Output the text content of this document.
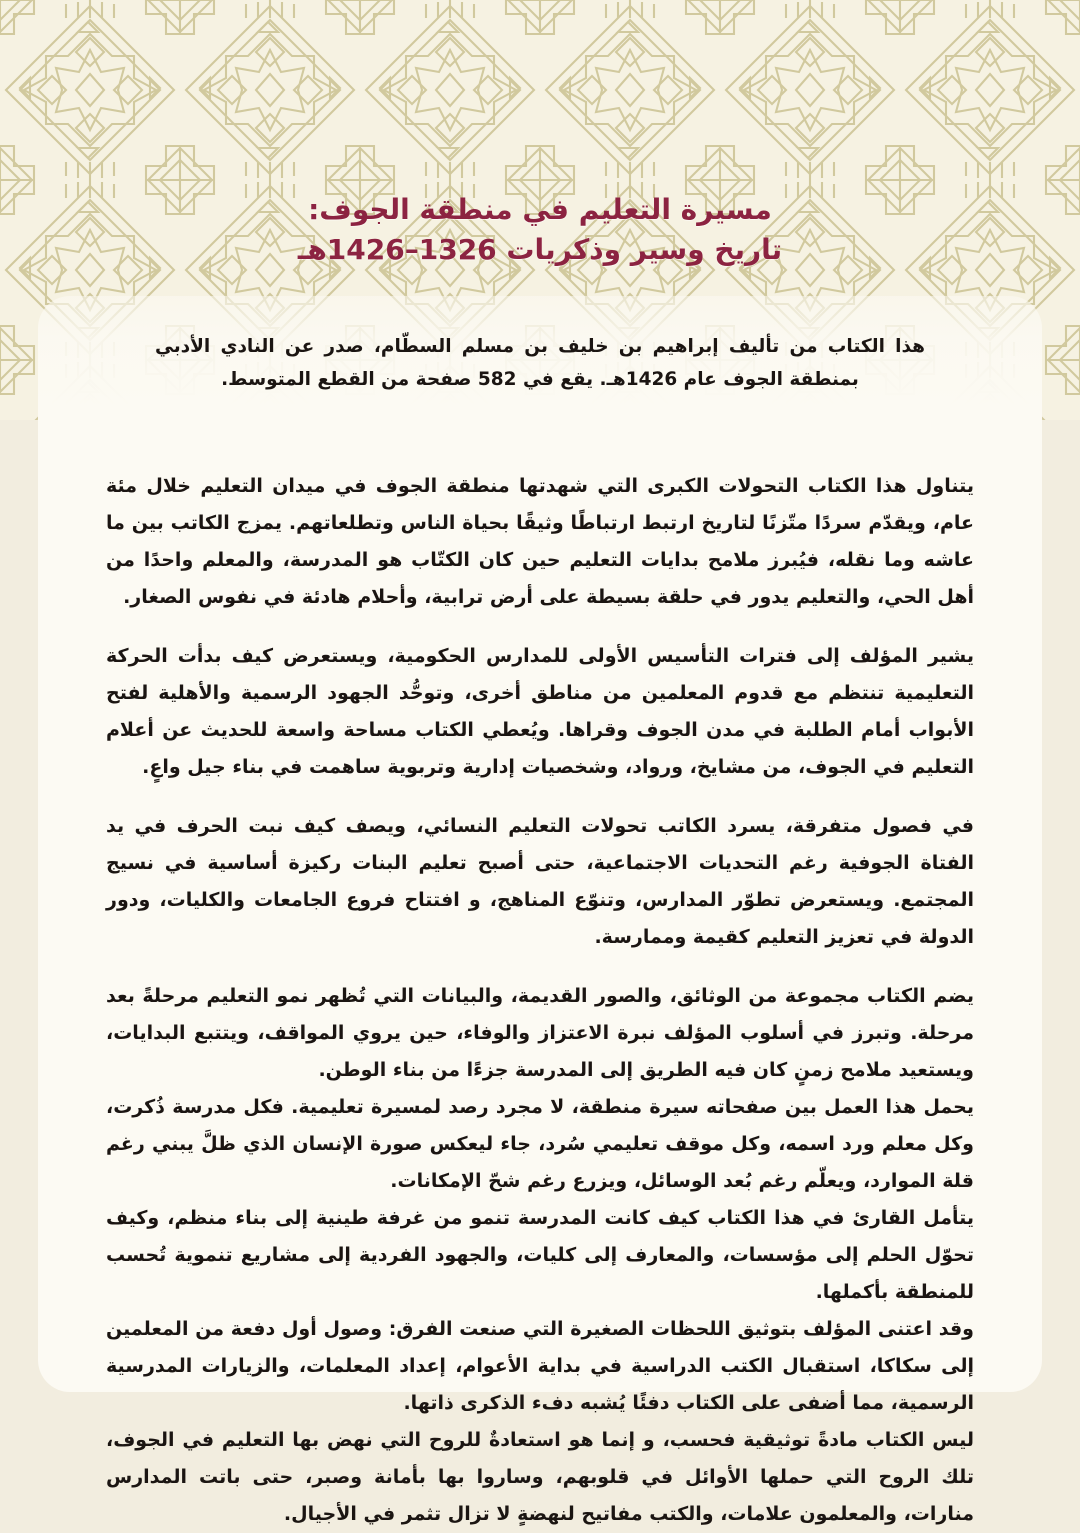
مسيرة التعليم في منطقة الجوف:
تاريخ وسير وذكريات 1326–1426هـ

هذا الكتاب من تأليف إبراهيم بن خليف بن مسلم السطّام، صدر عن النادي الأدبي بمنطقة الجوف عام 1426هـ. يقع في 582 صفحة من القطع المتوسط.

يتناول هذا الكتاب التحولات الكبرى التي شهدتها منطقة الجوف في ميدان التعليم خلال مئة عام، ويقدّم سردًا متّزنًا لتاريخ ارتبط ارتباطًا وثيقًا بحياة الناس وتطلعاتهم. يمزج الكاتب بين ما عاشه وما نقله، فيُبرز ملامح بدايات التعليم حين كان الكتّاب هو المدرسة، والمعلم واحدًا من أهل الحي، والتعليم يدور في حلقة بسيطة على أرض ترابية، وأحلام هادئة في نفوس الصغار.

يشير المؤلف إلى فترات التأسيس الأولى للمدارس الحكومية، ويستعرض كيف بدأت الحركة التعليمية تنتظم مع قدوم المعلمين من مناطق أخرى، وتوحُّد الجهود الرسمية والأهلية لفتح الأبواب أمام الطلبة في مدن الجوف وقراها. ويُعطي الكتاب مساحة واسعة للحديث عن أعلام التعليم في الجوف، من مشايخ، ورواد، وشخصيات إدارية وتربوية ساهمت في بناء جيل واعٍ.

في فصول متفرقة، يسرد الكاتب تحولات التعليم النسائي، ويصف كيف نبت الحرف في يد الفتاة الجوفية رغم التحديات الاجتماعية، حتى أصبح تعليم البنات ركيزة أساسية في نسيج المجتمع. ويستعرض تطوّر المدارس، وتنوّع المناهج، و افتتاح فروع الجامعات والكليات، ودور الدولة في تعزيز التعليم كقيمة وممارسة.

يضم الكتاب مجموعة من الوثائق، والصور القديمة، والبيانات التي تُظهر نمو التعليم مرحلةً بعد مرحلة. وتبرز في أسلوب المؤلف نبرة الاعتزاز والوفاء، حين يروي المواقف، ويتتبع البدايات، ويستعيد ملامح زمنٍ كان فيه الطريق إلى المدرسة جزءًا من بناء الوطن.

يحمل هذا العمل بين صفحاته سيرة منطقة، لا مجرد رصد لمسيرة تعليمية. فكل مدرسة ذُكرت، وكل معلم ورد اسمه، وكل موقف تعليمي سُرد، جاء ليعكس صورة الإنسان الذي ظلَّ يبني رغم قلة الموارد، ويعلّم رغم بُعد الوسائل، ويزرع رغم شحّ الإمكانات.

يتأمل القارئ في هذا الكتاب كيف كانت المدرسة تنمو من غرفة طينية إلى بناء منظم، وكيف تحوّل الحلم إلى مؤسسات، والمعارف إلى كليات، والجهود الفردية إلى مشاريع تنموية تُحسب للمنطقة بأكملها.

وقد اعتنى المؤلف بتوثيق اللحظات الصغيرة التي صنعت الفرق: وصول أول دفعة من المعلمين إلى سكاكا، استقبال الكتب الدراسية في بداية الأعوام، إعداد المعلمات، والزيارات المدرسية الرسمية، مما أضفى على الكتاب دفئًا يُشبه دفء الذكرى ذاتها.

ليس الكتاب مادةً توثيقية فحسب، و إنما هو استعادةٌ للروح التي نهض بها التعليم في الجوف، تلك الروح التي حملها الأوائل في قلوبهم، وساروا بها بأمانة وصبر، حتى باتت المدارس منارات، والمعلمون علامات، والكتب مفاتيح لنهضةٍ لا تزال تثمر في الأجيال.
